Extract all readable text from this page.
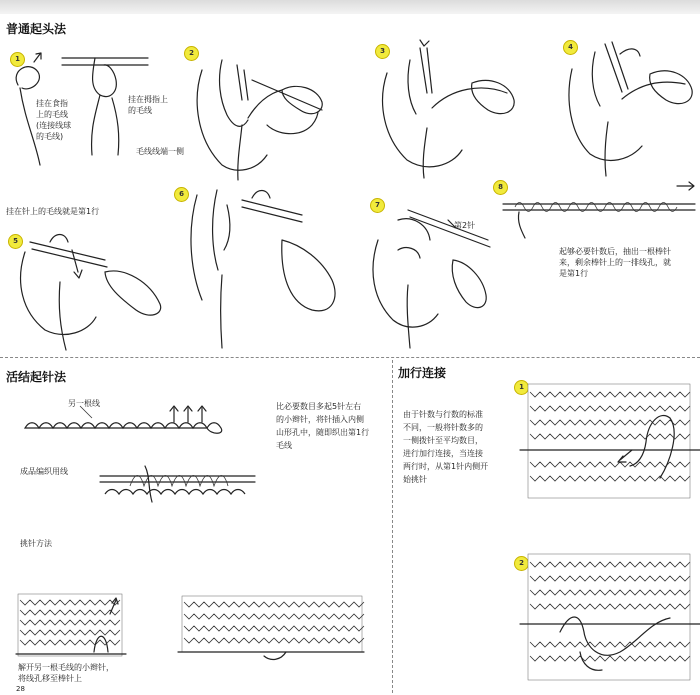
普通起头法
1
2	3	4
5
6
7
8
挂在食指
上的毛线
(连接线球
的毛线)
挂在拇指上
的毛线
毛线线端一侧
挂在针上的毛线就是第1行
第2针
起够必要针数后，抽出一根棒针
来，剩余棒针上的一排线孔，就
是第1行
活结起针法
另一根线	比必要数目多起5针左右
的小辫针，将针插入内侧
山形孔中，随即织出第1行
毛线
成品编织用线
挑针方法
解开另一根毛线的小辫针，
将线孔移至棒针上
28
加行连接
由于针数与行数的标准
不同，一般将针数多的
一侧拨针至平均数目，
进行加行连接，当连接
两行时，从第1针内侧开
始挑针
1
2
